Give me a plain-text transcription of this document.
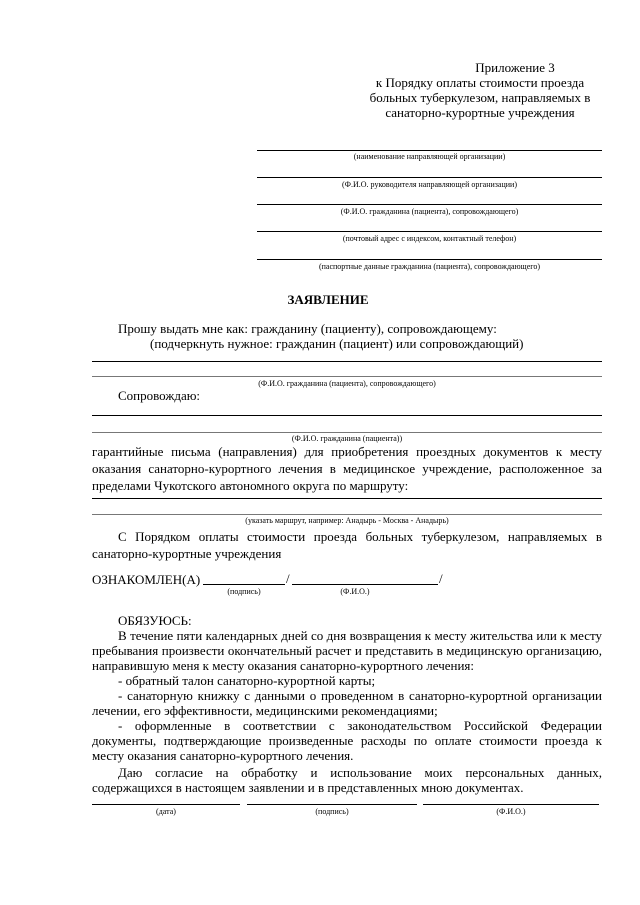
Приложение 3
к Порядку оплаты стоимости проезда
больных туберкулезом, направляемых в
санаторно-курортные учреждения
(наименование направляющей организации)
(Ф.И.О. руководителя направляющей организации)
(Ф.И.О. гражданина (пациента), сопровождающего)
(почтовый адрес с индексом, контактный телефон)
(паспортные данные гражданина (пациента), сопровождающего)
ЗАЯВЛЕНИЕ
Прошу выдать мне как: гражданину (пациенту), сопровождающему:
(подчеркнуть нужное: гражданин (пациент) или сопровождающий)
(Ф.И.О. гражданина (пациента), сопровождающего)
Сопровождаю:
(Ф.И.О. гражданина (пациента))
гарантийные письма (направления) для приобретения проездных документов к месту оказания санаторно-курортного лечения в медицинское учреждение, расположенное за пределами Чукотского автономного округа по маршруту:
(указать маршрут, например: Анадырь - Москва - Анадырь)
С Порядком оплаты стоимости проезда больных туберкулезом, направляемых в санаторно-курортные учреждения
ОЗНАКОМЛЕН(А)	/	/
(подпись)	(Ф.И.О.)
ОБЯЗУЮСЬ:
В течение пяти календарных дней со дня возвращения к месту жительства или к месту пребывания произвести окончательный расчет и представить в медицинскую организацию, направившую меня к месту оказания санаторно-курортного лечения:
- обратный талон санаторно-курортной карты;
- санаторную книжку с данными о проведенном в санаторно-курортной организации лечении, его эффективности, медицинскими рекомендациями;
- оформленные в соответствии с законодательством Российской Федерации документы, подтверждающие произведенные расходы по оплате стоимости проезда к месту оказания санаторно-курортного лечения.
Даю согласие на обработку и использование моих персональных данных, содержащихся в настоящем заявлении и в представленных мною документах.
(дата)	(подпись)	(Ф.И.О.)
